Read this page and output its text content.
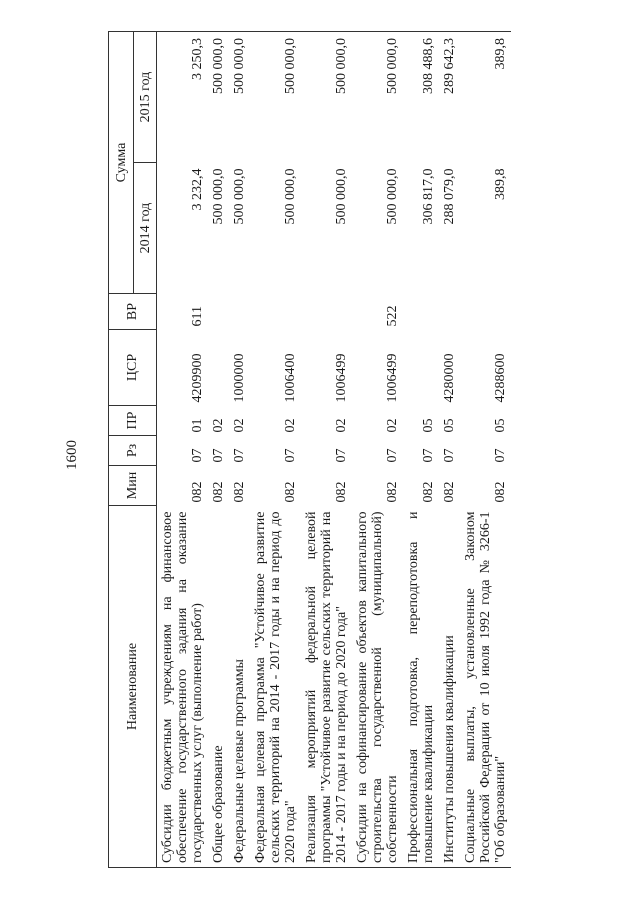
1600
Наименование	Мин	Рз	ПР	ЦСР	ВР	Сумма	
						2014 год	2015 год
Субсидии бюджетным учреждениям на финансовое обеспечение государственного задания на оказание государственных услуг (выполнение работ)	082	07	01	4209900	611	3 232,4	3 250,3
Общее образование	082	07	02			500 000,0	500 000,0
Федеральные целевые программы	082	07	02	1000000		500 000,0	500 000,0
Федеральная целевая программа "Устойчивое развитие сельских территорий на 2014 - 2017 годы и на период до 2020 года"	082	07	02	1006400		500 000,0	500 000,0
Реализация мероприятий федеральной целевой программы "Устойчивое развитие сельских территорий на 2014 - 2017 годы и на период до 2020 года"	082	07	02	1006499		500 000,0	500 000,0
Субсидии на софинансирование объектов капитального строительства государственной (муниципальной) собственности	082	07	02	1006499	522	500 000,0	500 000,0
Профессиональная подготовка, переподготовка и повышение квалификации	082	07	05			306 817,0	308 488,6
Институты повышения квалификации	082	07	05	4280000		288 079,0	289 642,3
Социальные выплаты, установленные Законом Российской Федерации от 10 июля 1992 года № 3266-1 "Об образовании"	082	07	05	4288600		389,8	389,8
